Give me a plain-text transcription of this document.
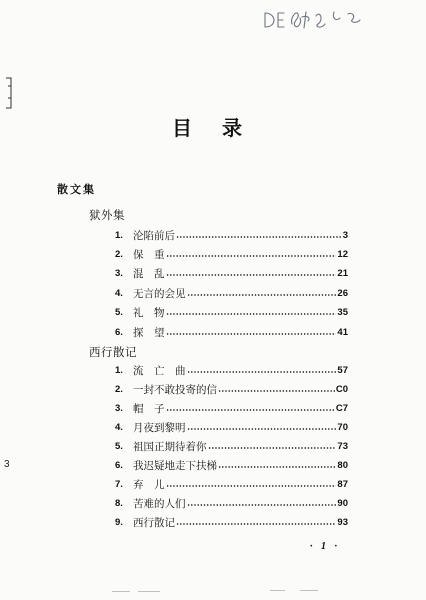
3
目　录
散文集
狱外集
1. 沦陷前后	3
2. 保　重	12
3. 混　乱	21
4. 无言的会见	26
5. 礼　物	35
6. 探　望	41
西行散记
1. 流　亡　曲	57
2. 一封不敢投寄的信	C0
3. 帽　子	C7
4. 月夜到黎明	70
5. 祖国正期待着你	73
6. 我迟疑地走下扶梯	80
7. 弃　儿	87
8. 苦难的人们	90
9. 西行散记	93
· 1 ·
